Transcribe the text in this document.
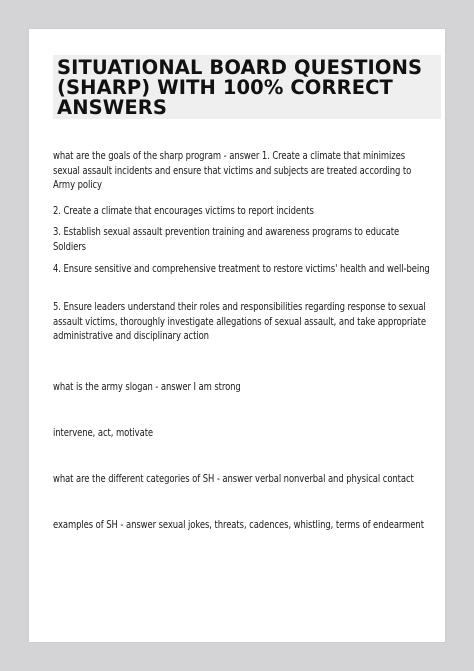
SITUATIONAL BOARD QUESTIONS (SHARP) WITH 100% CORRECT ANSWERS
what are the goals of the sharp program - answer 1. Create a climate that minimizes sexual assault incidents and ensure that victims and subjects are treated according to Army policy
2. Create a climate that encourages victims to report incidents
3. Establish sexual assault prevention training and awareness programs to educate Soldiers
4. Ensure sensitive and comprehensive treatment to restore victims' health and well-being
5. Ensure leaders understand their roles and responsibilities regarding response to sexual assault victims, thoroughly investigate allegations of sexual assault, and take appropriate administrative and disciplinary action
what is the army slogan - answer I am strong
intervene, act, motivate
what are the different categories of SH - answer verbal nonverbal and physical contact
examples of SH - answer sexual jokes, threats, cadences, whistling, terms of endearment
